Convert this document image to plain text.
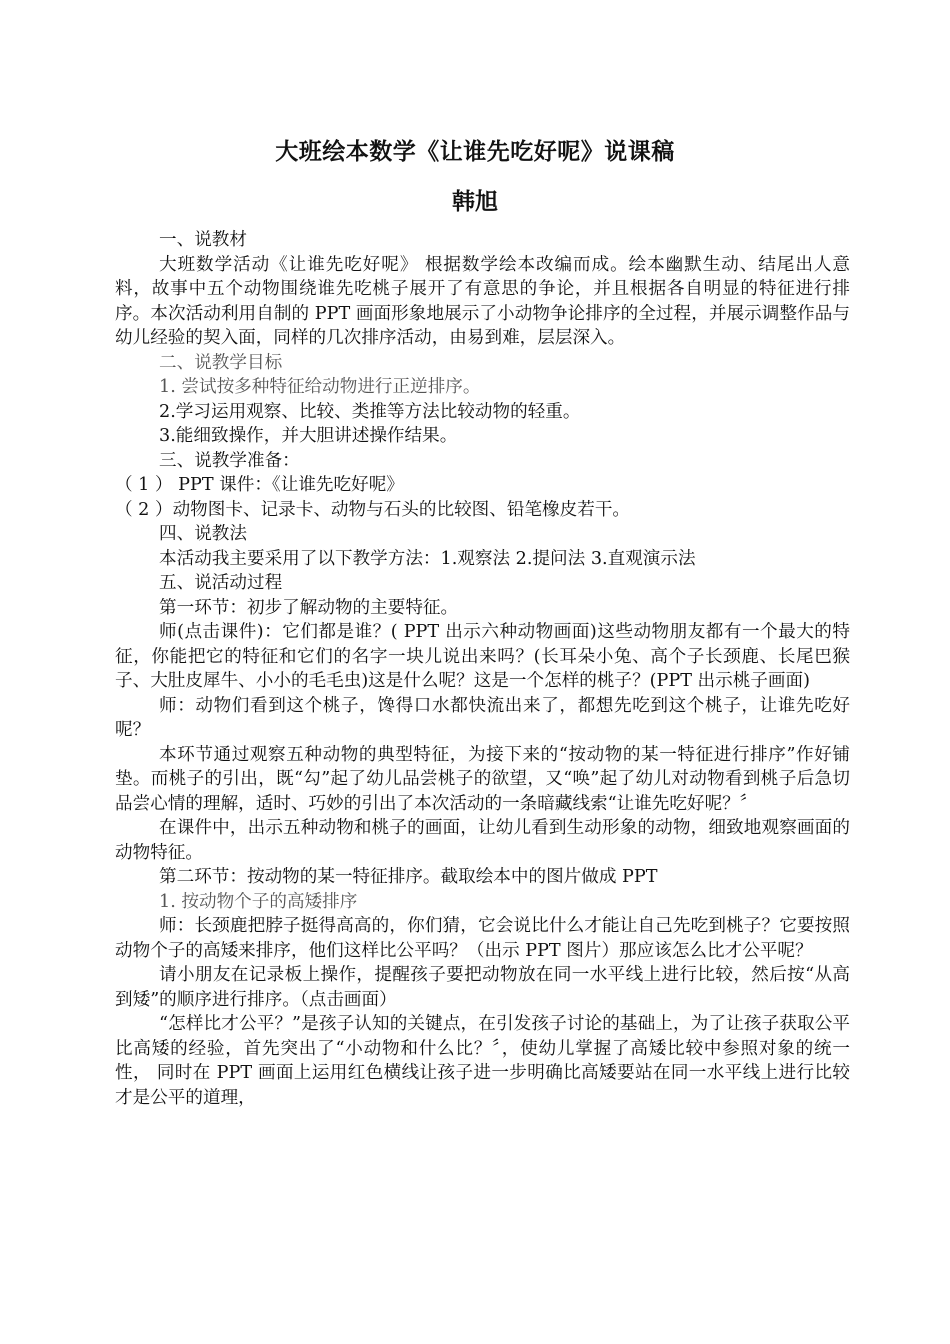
大班绘本数学《让谁先吃好呢》说课稿
韩旭

一、说教材

大班数学活动《让谁先吃好呢》 根据数学绘本改编而成。绘本幽默生动、结尾出人意料，故事中五个动物围绕谁先吃桃子展开了有意思的争论，并且根据各自明显的特征进行排序。本次活动利用自制的 PPT 画面形象地展示了小动物争论排序的全过程，并展示调整作品与幼儿经验的契入面，同样的几次排序活动，由易到难，层层深入。

二、说教学目标

1. 尝试按多种特征给动物进行正逆排序。

2.学习运用观察、比较、类推等方法比较动物的轻重。

3.能细致操作，并大胆讲述操作结果。

三、说教学准备：

（ 1 ） PPT 课件：《让谁先吃好呢》

（ 2 ）动物图卡、记录卡、动物与石头的比较图、铅笔橡皮若干。

四、说教法

本活动我主要采用了以下教学方法：1.观察法 2.提问法 3.直观演示法

五、说活动过程

第一环节：初步了解动物的主要特征。

师(点击课件)：它们都是谁？( PPT 出示六种动物画面)这些动物朋友都有一个最大的特征，你能把它的特征和它们的名字一块儿说出来吗？(长耳朵小兔、高个子长颈鹿、长尾巴猴子、大肚皮犀牛、小小的毛毛虫)这是什么呢？这是一个怎样的桃子？(PPT 出示桃子画面)

师：动物们看到这个桃子，馋得口水都快流出来了，都想先吃到这个桃子，让谁先吃好呢？

本环节通过观察五种动物的典型特征，为接下来的“按动物的某一特征进行排序”作好铺垫。而桃子的引出，既“勾”起了幼儿品尝桃子的欲望，又“唤”起了幼儿对动物看到桃子后急切品尝心情的理解，适时、巧妙的引出了本次活动的一条暗藏线索“让谁先吃好呢？〞

在课件中，出示五种动物和桃子的画面，让幼儿看到生动形象的动物，细致地观察画面的动物特征。

第二环节：按动物的某一特征排序。截取绘本中的图片做成 PPT

1. 按动物个子的高矮排序

师：长颈鹿把脖子挺得高高的，你们猜，它会说比什么才能让自己先吃到桃子？它要按照动物个子的高矮来排序，他们这样比公平吗？（出示 PPT 图片）那应该怎么比才公平呢？

请小朋友在记录板上操作，提醒孩子要把动物放在同一水平线上进行比较，然后按“从高到矮”的顺序进行排序。（点击画面）

“怎样比才公平？”是孩子认知的关键点，在引发孩子讨论的基础上，为了让孩子获取公平比高矮的经验，首先突出了“小动物和什么比？〞，使幼儿掌握了高矮比较中参照对象的统一性， 同时在 PPT 画面上运用红色横线让孩子进一步明确比高矮要站在同一水平线上进行比较才是公平的道理，
